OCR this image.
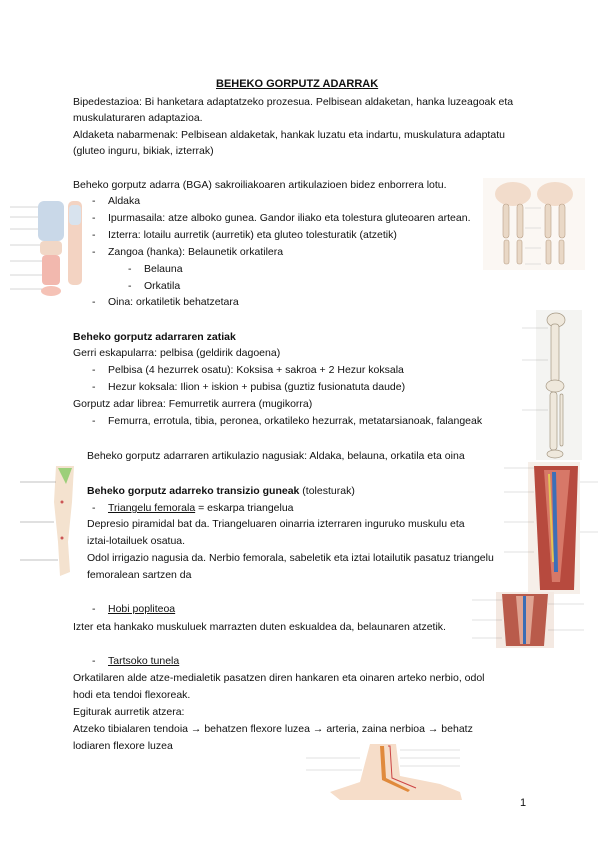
BEHEKO GORPUTZ ADARRAK
Bipedestazioa: Bi hanketara adaptatzeko prozesua. Pelbisean aldaketan, hanka luzeagoak eta
muskulaturaren adaptazioa.
Aldaketa nabarmenak: Pelbisean aldaketak, hankak luzatu eta indartu, muskulatura adaptatu
(gluteo inguru, bikiak, izterrak)
Beheko gorputz adarra (BGA) sakroiliakoaren artikulazioen bidez enborrera lotu.
- Aldaka
- Ipurmasaila: atze alboko gunea. Gandor iliako eta tolestura gluteoaren artean.
- Izterra: lotailu aurretik (aurretik) eta gluteo tolesturatik (atzetik)
- Zangoa (hanka): Belaunetik orkatilera
- Belauna
- Orkatila
- Oina: orkatiletik behatzetara
Beheko gorputz adarraren zatiak
Gerri eskapularra: pelbisa (geldirik dagoena)
- Pelbisa (4 hezurrek osatu): Koksisa + sakroa + 2 Hezur koksala
- Hezur koksala: Ilion + iskion + pubisa (guztiz fusionatuta daude)
Gorputz adar librea: Femurretik aurrera (mugikorra)
- Femurra, errotula, tibia, peronea, orkatileko hezurrak, metatarsianoak, falangeak
Beheko gorputz adarraren artikulazio nagusiak: Aldaka, belauna, orkatila eta oina
Beheko gorputz adarreko transizio guneak (tolesturak)
- Triangelu femorala = eskarpa triangelua
Depresio piramidal bat da. Triangeluaren oinarria izterraren inguruko muskulu eta
iztai-lotailuek osatua.
Odol irrigazio nagusia da. Nerbio femorala, sabeletik eta iztai lotailutik pasatuz triangelu
femoralean sartzen da
- Hobi popliteoa
Izter eta hankako muskuluek marrazten duten eskualdea da, belaunaren atzetik.
- Tartsoko tunela
Orkatilaren alde atze-medialetik pasatzen diren hankaren eta oinaren arteko nerbio, odol
hodi eta tendoi flexoreak.
Egiturak aurretik atzera:
Atzeko tibialaren tendoia → behatzen flexore luzea → arteria, zaina nerbioa → behatz
lodiaren flexore luzea
1
